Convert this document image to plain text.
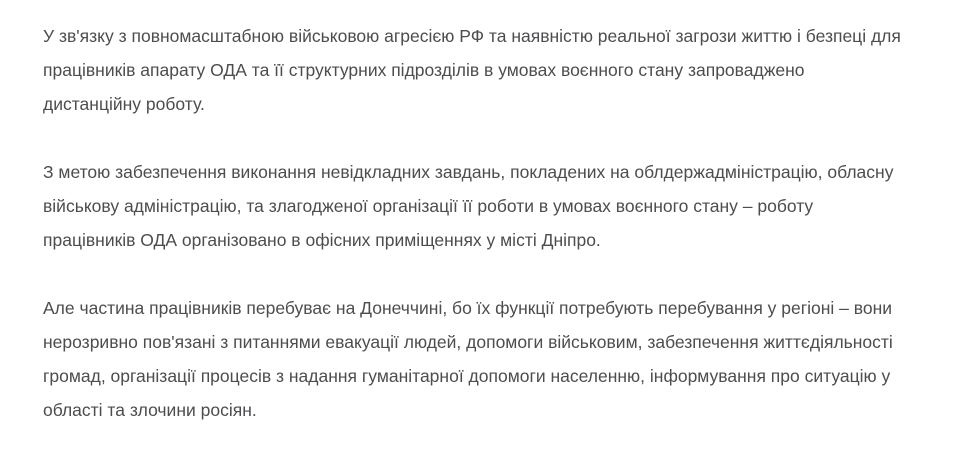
У зв'язку з повномасштабною військовою агресією РФ та наявністю реальної загрози життю і безпеці для
працівників апарату ОДА та її структурних підрозділів в умовах воєнного стану запроваджено
дистанційну роботу.
З метою забезпечення виконання невідкладних завдань, покладених на облдержадміністрацію, обласну
військову адміністрацію, та злагодженої організації її роботи в умовах воєнного стану – роботу
працівників ОДА організовано в офісних приміщеннях у місті Дніпро.
Але частина працівників перебуває на Донеччині, бо їх функції потребують перебування у регіоні – вони
нерозривно пов'язані з питаннями евакуації людей, допомоги військовим, забезпечення життєдіяльності
громад, організації процесів з надання гуманітарної допомоги населенню, інформування про ситуацію у
області та злочини росіян.
